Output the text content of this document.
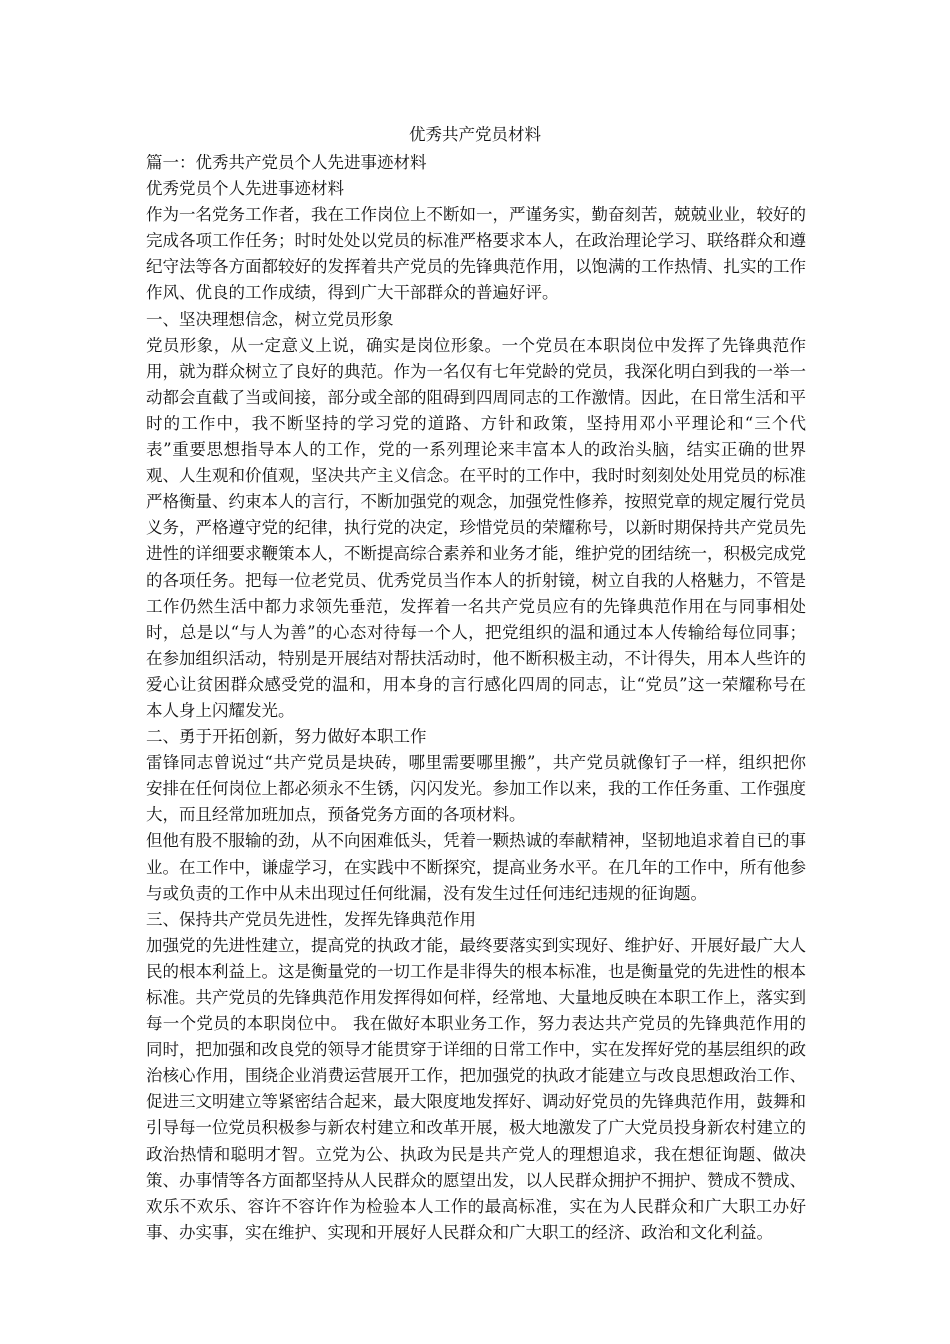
优秀共产党员材料

篇一：优秀共产党员个人先进事迹材料

优秀党员个人先进事迹材料

作为一名党务工作者，我在工作岗位上不断如一，严谨务实，勤奋刻苦，兢兢业业，较好的完成各项工作任务；时时处处以党员的标准严格要求本人，在政治理论学习、联络群众和遵纪守法等各方面都较好的发挥着共产党员的先锋典范作用，以饱满的工作热情、扎实的工作作风、优良的工作成绩，得到广大干部群众的普遍好评。

一、坚决理想信念，树立党员形象

党员形象，从一定意义上说，确实是岗位形象。一个党员在本职岗位中发挥了先锋典范作用，就为群众树立了良好的典范。作为一名仅有七年党龄的党员，我深化明白到我的一举一动都会直截了当或间接，部分或全部的阻碍到四周同志的工作激情。因此，在日常生活和平时的工作中，我不断坚持的学习党的道路、方针和政策，坚持用邓小平理论和“三个代表”重要思想指导本人的工作，党的一系列理论来丰富本人的政治头脑，结实正确的世界观、人生观和价值观，坚决共产主义信念。在平时的工作中，我时时刻刻处处用党员的标准严格衡量、约束本人的言行，不断加强党的观念，加强党性修养，按照党章的规定履行党员义务，严格遵守党的纪律，执行党的决定，珍惜党员的荣耀称号，以新时期保持共产党员先进性的详细要求鞭策本人，不断提高综合素养和业务才能，维护党的团结统一，积极完成党的各项任务。把每一位老党员、优秀党员当作本人的折射镜，树立自我的人格魅力，不管是工作仍然生活中都力求领先垂范，发挥着一名共产党员应有的先锋典范作用在与同事相处时，总是以“与人为善”的心态对待每一个人，把党组织的温和通过本人传输给每位同事；在参加组织活动，特别是开展结对帮扶活动时，他不断积极主动，不计得失，用本人些许的爱心让贫困群众感受党的温和，用本身的言行感化四周的同志，让“党员”这一荣耀称号在本人身上闪耀发光。

二、勇于开拓创新，努力做好本职工作

雷锋同志曾说过“共产党员是块砖，哪里需要哪里搬”，共产党员就像钉子一样，组织把你安排在任何岗位上都必须永不生锈，闪闪发光。参加工作以来，我的工作任务重、工作强度大，而且经常加班加点，预备党务方面的各项材料。

但他有股不服输的劲，从不向困难低头，凭着一颗热诚的奉献精神，坚韧地追求着自已的事业。在工作中，谦虚学习，在实践中不断探究，提高业务水平。在几年的工作中，所有他参与或负责的工作中从未出现过任何纰漏，没有发生过任何违纪违规的征询题。

三、保持共产党员先进性，发挥先锋典范作用

加强党的先进性建立，提高党的执政才能，最终要落实到实现好、维护好、开展好最广大人民的根本利益上。这是衡量党的一切工作是非得失的根本标准，也是衡量党的先进性的根本标准。共产党员的先锋典范作用发挥得如何样，经常地、大量地反映在本职工作上，落实到每一个党员的本职岗位中。 我在做好本职业务工作，努力表达共产党员的先锋典范作用的同时，把加强和改良党的领导才能贯穿于详细的日常工作中，实在发挥好党的基层组织的政治核心作用，围绕企业消费运营展开工作，把加强党的执政才能建立与改良思想政治工作、促进三文明建立等紧密结合起来，最大限度地发挥好、调动好党员的先锋典范作用，鼓舞和引导每一位党员积极参与新农村建立和改革开展，极大地激发了广大党员投身新农村建立的政治热情和聪明才智。立党为公、执政为民是共产党人的理想追求，我在想征询题、做决策、办事情等各方面都坚持从人民群众的愿望出发，以人民群众拥护不拥护、赞成不赞成、欢乐不欢乐、容许不容许作为检验本人工作的最高标准，实在为人民群众和广大职工办好事、办实事，实在维护、实现和开展好人民群众和广大职工的经济、政治和文化利益。
